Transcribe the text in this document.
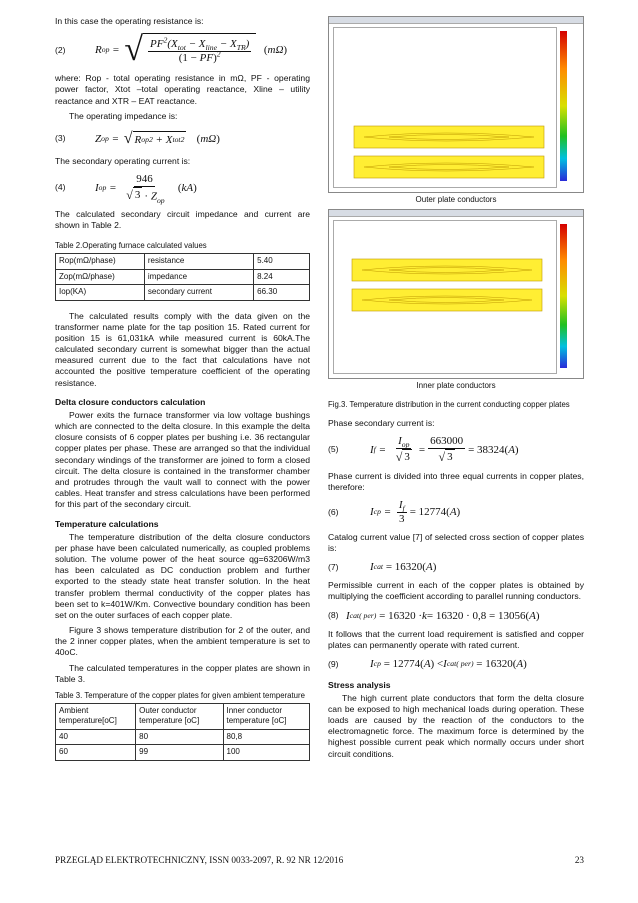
In this case the operating resistance is:

(2)	R op = √ $\frac{PF^2(X_{tot} - X_{line} - X_{TR})}{(1 - PF)^2}$
( mΩ )

where: Rop - total operating resistance in mΩ, PF - operating power factor, Xtot –total operating reactance, Xline – utility reactance and XTR – EAT reactance.

The operating impedance is:

(3)	Z op = √ R op 2 + X tot 2
( mΩ )

The secondary operating current is:

(4)	I op = $\frac{946}{√ 3 \cdot Z_{op}}$
( kA )

The calculated secondary circuit impedance and current are shown in Table 2.

Table 2.Operating furnace calculated values
Rop(mΩ/phase)	resistance	5.40
Zop(mΩ/phase)	impedance	8.24
Iop(KA)	secondary current	66.30

The calculated results comply with the data given on the transformer name plate for the tap position 15. Rated current for position 15 is 61,031kA while measured current is 60kA.The calculated secondary current is somewhat bigger than the actual measured current due to the fact that calculations have not accounted the positive temperature coefficient of the operating resistance.

Delta closure conductors calculation

Power exits the furnace transformer via low voltage bushings which are connected to the delta closure. In this example the delta closure consists of 6 copper plates per bushing i.e. 36 rectangular copper plates per phase. These are arranged so that the individual secondary windings of the transformer are joined to form a closed circuit. The delta closure is contained in the transformer chamber and protrudes through the vault wall to connect with the power cables. Heat transfer and stress calculations have been performed for this part of the secondary circuit.

Temperature calculations

The temperature distribution of the delta closure conductors per phase have been calculated numerically, as coupled problems solution. The volume power of the heat source qg=63206W/m3 has been calculated as DC conduction problem and further exported to the steady state heat transfer solution. In the heat transfer problem thermal conductivity of the copper plates has been set to k=401W/Km. Convective boundary condition has been set on the outer surfaces of each copper plate.

Figure 3 shows temperature distribution for 2 of the outer, and the 2 inner copper plates, when the ambient temperature is set to 40oC.

The calculated temperatures in the copper plates are shown in Table 3.

Table 3. Temperature of the copper plates for given ambient temperature
Ambient temperature[oC]	Outer conductor temperature [oC]	Inner conductor temperature [oC]
40	80	80,8
60	99	100
Outer plate conductors
Inner plate conductors

Fig.3. Temperature distribution in the current conducting copper plates

Phase secondary current is:

(5)	I $f = \frac{I_{op}}{√ 3} = \frac{663000}{√ 3} = 38324$( A )

Phase current is divided into three equal currents in copper plates, therefore:

(6)	I cp = $\frac{I_f}{3} = 12774$( A )

Catalog current value [7] of selected cross section of copper plates is:

(7)	I cat
= 16320( A )

Permissible current in each of the copper plates is obtained by multiplying the coefficient according to parallel running conductors.

(8) I cat( per)
= 16320 · k = 16320 · 0,8 = 13056( A )

It follows that the current load requirement is satisfied and copper plates can permanently operate with rated current.

(9)	I cp
= 12774( A ) < I cat( per)
= 16320( A )

Stress analysis

The high current plate conductors that form the delta closure can be exposed to high mechanical loads during operation. These loads are caused by the reaction of the conductors to the electromagnetic force. The maximum force is determined by the highest possible current peak which normally occurs under short circuit conditions.

PRZEGLĄD ELEKTROTECHNICZNY, ISSN 0033-2097, R. 92 NR 12/2016	23
